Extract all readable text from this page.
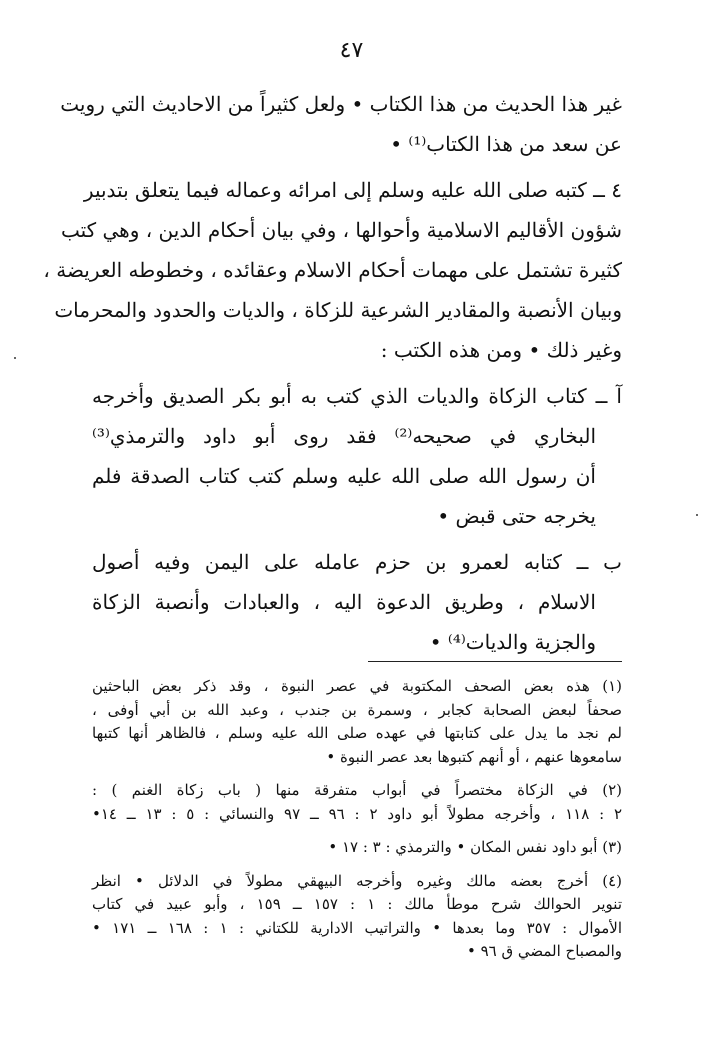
٤٧
غير هذا الحديث من هذا الكتاب • ولعل كثيراً من الاحاديث التي رويت
عن سعد من هذا الكتاب⁽¹⁾ •
٤ ــ كتبه صلى الله عليه وسلم إلى امرائه وعماله فيما يتعلق بتدبير
شؤون الأقاليم الاسلامية وأحوالها ، وفي بيان أحكام الدين ، وهي كتب
كثيرة تشتمل على مهمات أحكام الاسلام وعقائده ، وخطوطه العريضة ،
وبيان الأنصبة والمقادير الشرعية للزكاة ، والديات والحدود والمحرمات
وغير ذلك • ومن هذه الكتب :
آ ــ كتاب الزكاة والديات الذي كتب به أبو بكر الصديق وأخرجه
البخاري في صحيحه⁽²⁾ فقد روى أبو داود والترمذي⁽³⁾
أن رسول الله صلى الله عليه وسلم كتب كتاب الصدقة فلم
يخرجه حتى قبض •
ب ــ كتابه لعمرو بن حزم عامله على اليمن وفيه أصول
الاسلام ، وطريق الدعوة اليه ، والعبادات وأنصبة الزكاة
والجزية والديات⁽⁴⁾ •
(١) هذه بعض الصحف المكتوبة في عصر النبوة ، وقد ذكر بعض الباحثين
صحفاً لبعض الصحابة كجابر ، وسمرة بن جندب ، وعبد الله بن أبي أوفى ،
لم نجد ما يدل على كتابتها في عهده صلى الله عليه وسلم ، فالظاهر أنها كتبها
سامعوها عنهم ، أو أنهم كتبوها بعد عصر النبوة •
(٢) في الزكاة مختصراً في أبواب متفرقة منها ( باب زكاة الغنم ) :
٢ : ١١٨ ، وأخرجه مطولاً أبو داود ٢ : ٩٦ ــ ٩٧ والنسائي : ٥ : ١٣ ــ ١٤•
(٣) أبو داود نفس المكان • والترمذي : ٣ : ١٧ •
(٤) أخرج بعضه مالك وغيره وأخرجه البيهقي مطولاً في الدلائل • انظر
تنوير الحوالك شرح موطأ مالك : ١ : ١٥٧ ــ ١٥٩ ، وأبو عبيد في كتاب
الأموال : ٣٥٧ وما بعدها • والتراتيب الادارية للكتاني : ١ : ١٦٨ ــ ١٧١ •
والمصباح المضي ق ٩٦ •
